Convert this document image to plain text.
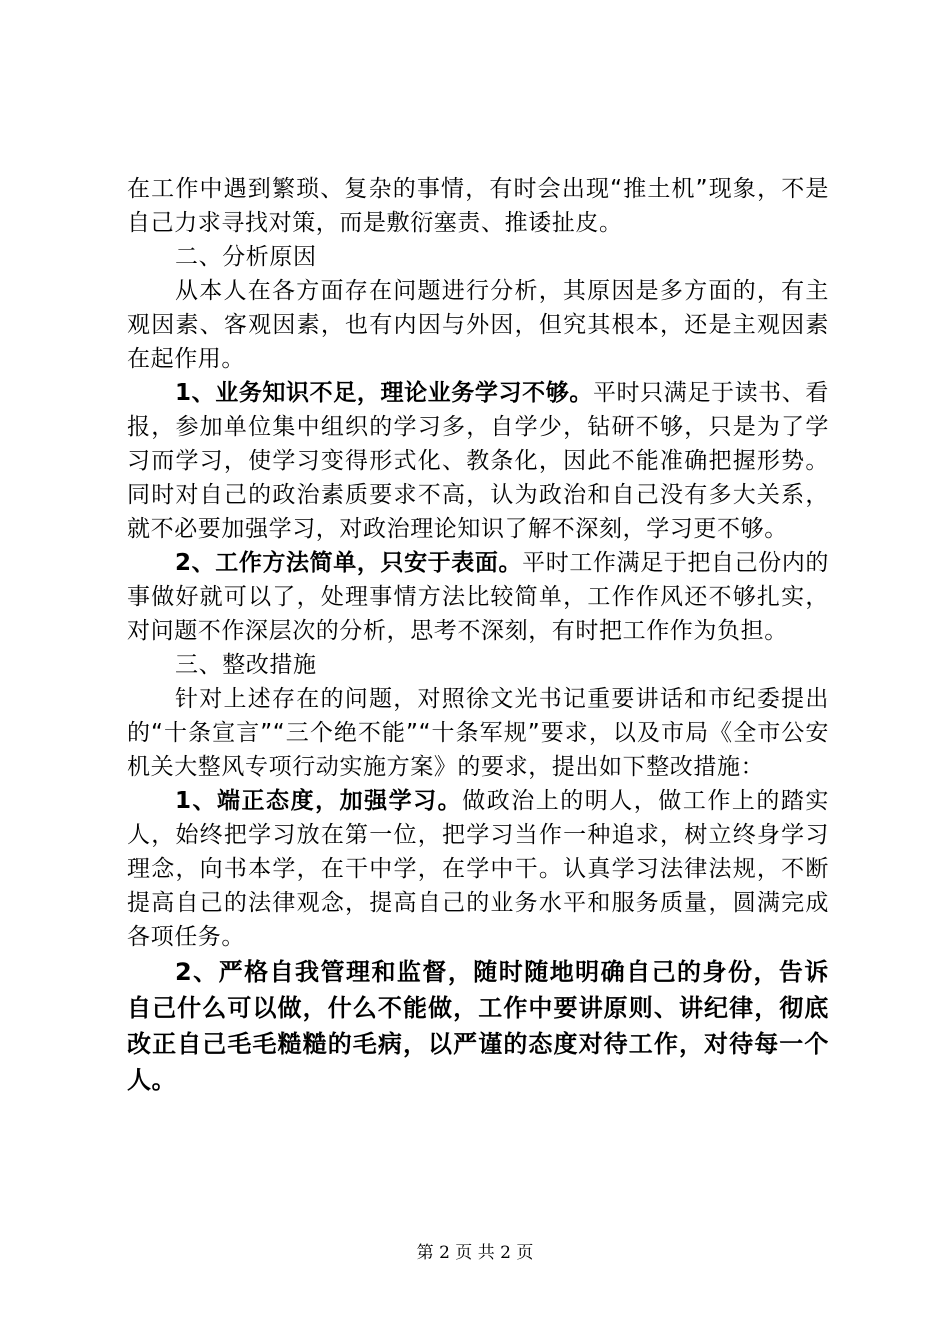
在工作中遇到繁琐、复杂的事情，有时会出现“推土机”现象，不是自己力求寻找对策，而是敷衍塞责、推诿扯皮。

二、分析原因

从本人在各方面存在问题进行分析，其原因是多方面的，有主观因素、客观因素，也有内因与外因，但究其根本，还是主观因素在起作用。

1、业务知识不足，理论业务学习不够。平时只满足于读书、看报，参加单位集中组织的学习多，自学少，钻研不够，只是为了学习而学习，使学习变得形式化、教条化，因此不能准确把握形势。同时对自己的政治素质要求不高，认为政治和自己没有多大关系，就不必要加强学习，对政治理论知识了解不深刻，学习更不够。

2、工作方法简单，只安于表面。平时工作满足于把自己份内的事做好就可以了，处理事情方法比较简单，工作作风还不够扎实，对问题不作深层次的分析，思考不深刻，有时把工作作为负担。

三、整改措施

针对上述存在的问题，对照徐文光书记重要讲话和市纪委提出的“十条宣言”“三个绝不能”“十条军规”要求，以及市局《全市公安机关大整风专项行动实施方案》的要求，提出如下整改措施：

1、端正态度，加强学习。做政治上的明人，做工作上的踏实人，始终把学习放在第一位，把学习当作一种追求，树立终身学习理念，向书本学，在干中学，在学中干。认真学习法律法规，不断提高自己的法律观念，提高自己的业务水平和服务质量，圆满完成各项任务。

2、严格自我管理和监督，随时随地明确自己的身份，告诉自己什么可以做，什么不能做，工作中要讲原则、讲纪律，彻底改正自己毛毛糙糙的毛病，以严谨的态度对待工作，对待每一个人。

第 2 页 共 2 页
